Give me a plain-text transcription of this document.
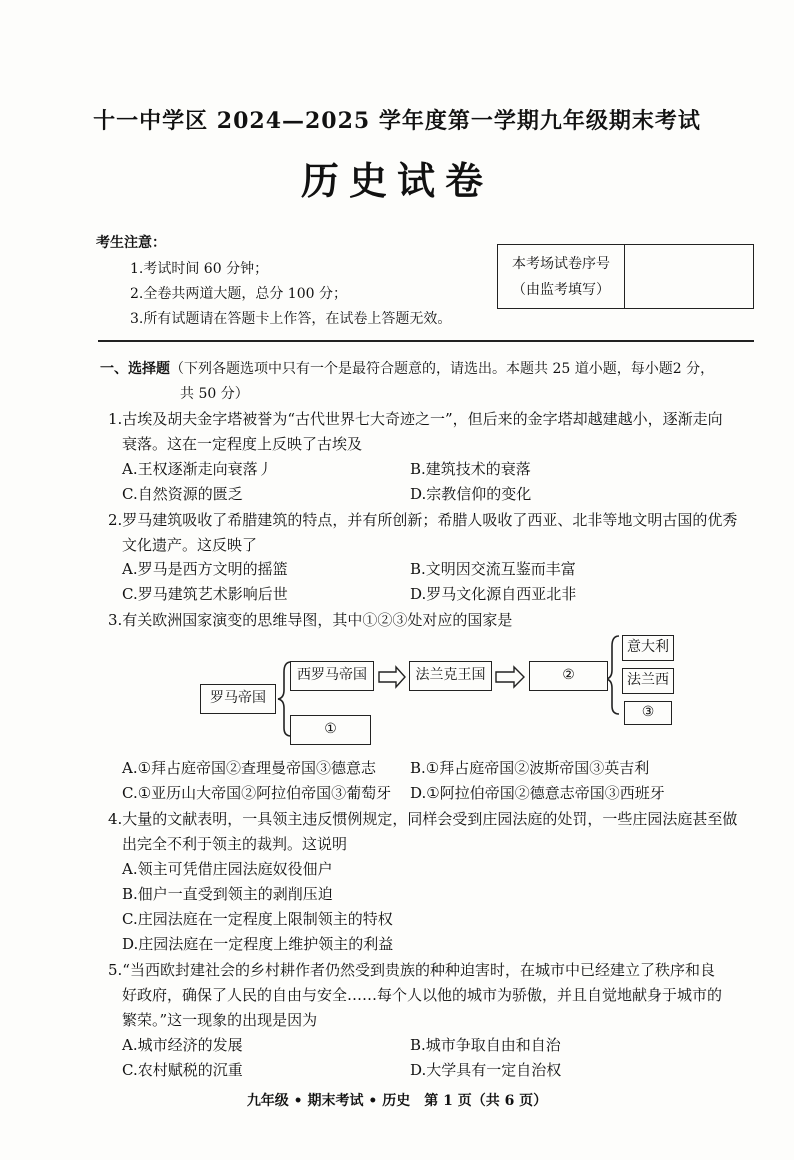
十一中学区 2024—2025 学年度第一学期九年级期末考试
历史试卷
考生注意：
1.考试时间 60 分钟；
2.全卷共两道大题，总分 100 分；
3.所有试题请在答题卡上作答，在试卷上答题无效。
本考场试卷序号
（由监考填写）
一、选择题（下列各题选项中只有一个是最符合题意的，请选出。本题共 25 道小题，每小题2 分，
共 50 分）
1.古埃及胡夫金字塔被誉为“古代世界七大奇迹之一”，但后来的金字塔却越建越小，逐渐走向
衰落。这在一定程度上反映了古埃及
A.王权逐渐走向衰落丿	B.建筑技术的衰落
C.自然资源的匮乏	D.宗教信仰的变化
2.罗马建筑吸收了希腊建筑的特点，并有所创新；希腊人吸收了西亚、北非等地文明古国的优秀
文化遗产。这反映了
A.罗马是西方文明的摇篮	B.文明因交流互鉴而丰富
C.罗马建筑艺术影响后世	D.罗马文化源自西亚北非
3.有关欧洲国家演变的思维导图，其中①②③处对应的国家是
罗马帝国
西罗马帝国	法兰克王国	②
①
意大利
法兰西
③
A.①拜占庭帝国②查理曼帝国③德意志 B.①拜占庭帝国②波斯帝国③英吉利
C.①亚历山大帝国②阿拉伯帝国③葡萄牙 D.①阿拉伯帝国②德意志帝国③西班牙
4.大量的文献表明，一具领主违反惯例规定，同样会受到庄园法庭的处罚，一些庄园法庭甚至做
出完全不利于领主的裁判。这说明
A.领主可凭借庄园法庭奴役佃户
B.佃户一直受到领主的剥削压迫
C.庄园法庭在一定程度上限制领主的特权
D.庄园法庭在一定程度上维护领主的利益
5.“当西欧封建社会的乡村耕作者仍然受到贵族的种种迫害时，在城市中已经建立了秩序和良
好政府，确保了人民的自由与安全……每个人以他的城市为骄傲，并且自觉地献身于城市的
繁荣。”这一现象的出现是因为
A.城市经济的发展	B.城市争取自由和自治
C.农村赋税的沉重	D.大学具有一定自治权
九年级 • 期末考试 • 历史　第 1 页（共 6 页）
